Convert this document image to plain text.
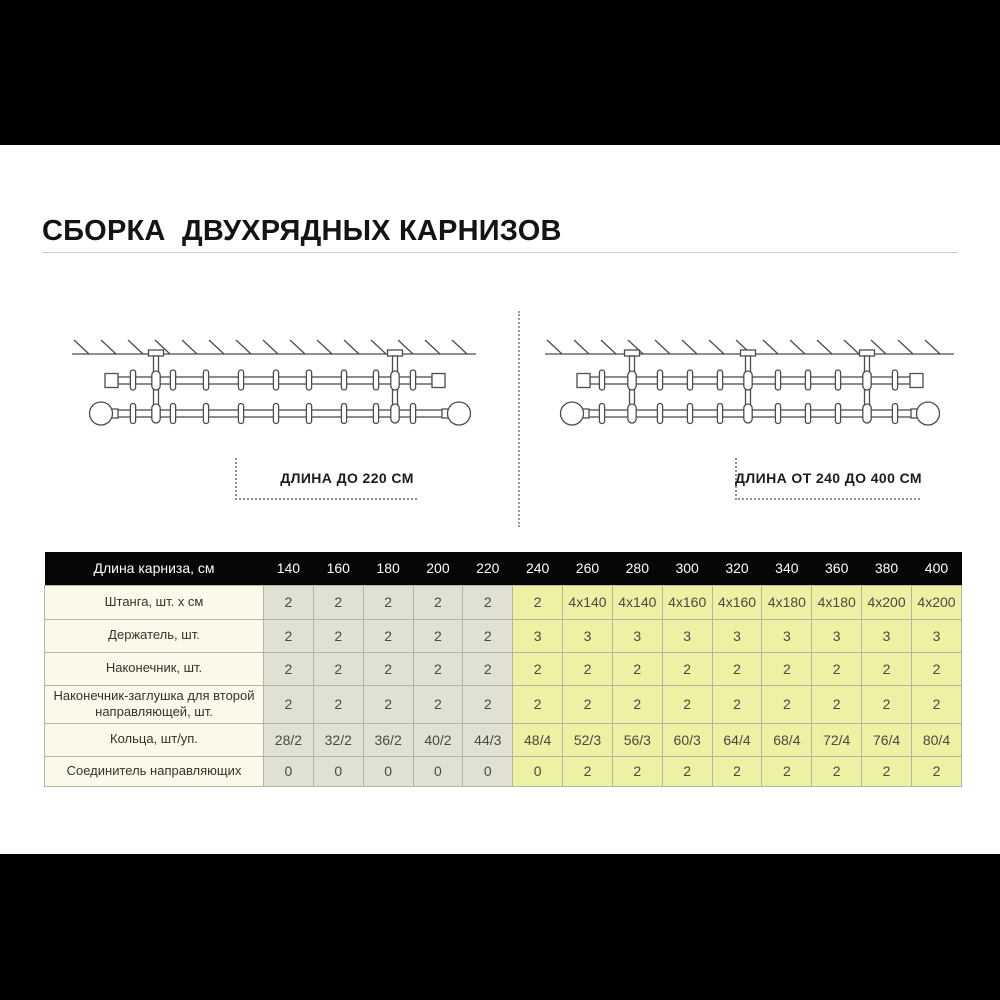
СБОРКА  ДВУХРЯДНЫХ КАРНИЗОВ
ДЛИНА ДО 220 СМ	ДЛИНА ОТ 240 ДО 400 СМ
Длина карниза, см	140	160	180	200	220	240	260	280	300	320	340	360	380	400
Штанга, шт. х см	2	2	2	2	2	2	4x140	4x140	4x160	4x160	4x180	4x180	4x200	4x200
Держатель, шт.	2	2	2	2	2	3	3	3	3	3	3	3	3	3
Наконечник, шт.	2	2	2	2	2	2	2	2	2	2	2	2	2	2
Наконечник-заглушка для второй направляющей, шт.	2	2	2	2	2	2	2	2	2	2	2	2	2	2
Кольца, шт/уп.	28/2	32/2	36/2	40/2	44/3	48/4	52/3	56/3	60/3	64/4	68/4	72/4	76/4	80/4
Соединитель направляющих	0	0	0	0	0	0	2	2	2	2	2	2	2	2
